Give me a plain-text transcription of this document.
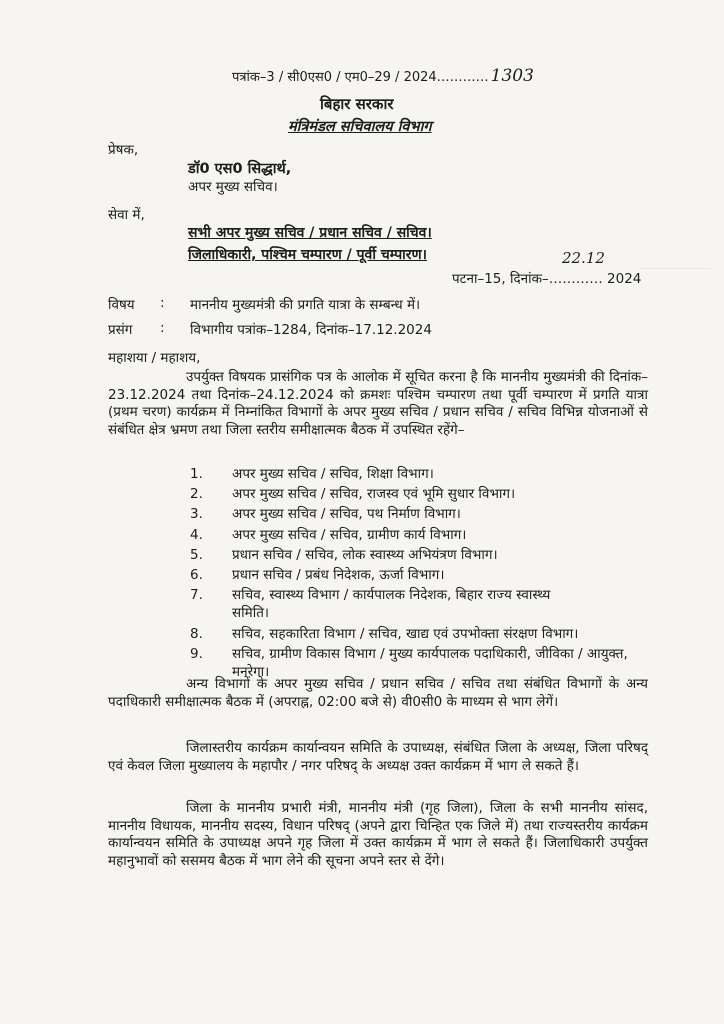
पत्रांक–3 / सी0एस0 / एम0–29 / 2024………… 1303
बिहार सरकार
मंत्रिमंडल सचिवालय विभाग
प्रेषक,
डॉ0 एस0 सिद्धार्थ,
अपर मुख्य सचिव।
सेवा में,
सभी अपर मुख्य सचिव / प्रधान सचिव / सचिव।
जिलाधिकारी, पश्चिम चम्पारण / पूर्वी चम्पारण।	22.12
पटना–15, दिनांक–………… 2024
विषय : माननीय मुख्यमंत्री की प्रगति यात्रा के सम्बन्ध में।
प्रसंग : विभागीय पत्रांक–1284, दिनांक–17.12.2024
महाशया / महाशय,

उपर्युक्त विषयक प्रासंगिक पत्र के आलोक में सूचित करना है कि माननीय मुख्यमंत्री की दिनांक–23.12.2024 तथा दिनांक–24.12.2024 को क्रमशः पश्चिम चम्पारण तथा पूर्वी चम्पारण में प्रगति यात्रा (प्रथम चरण) कार्यक्रम में निम्नांकित विभागों के अपर मुख्य सचिव / प्रधान सचिव / सचिव विभिन्न योजनाओं से संबंधित क्षेत्र भ्रमण तथा जिला स्तरीय समीक्षात्मक बैठक में उपस्थित रहेंगे–

1. अपर मुख्य सचिव / सचिव, शिक्षा विभाग।
2. अपर मुख्य सचिव / सचिव, राजस्व एवं भूमि सुधार विभाग।
3. अपर मुख्य सचिव / सचिव, पथ निर्माण विभाग।
4. अपर मुख्य सचिव / सचिव, ग्रामीण कार्य विभाग।
5. प्रधान सचिव / सचिव, लोक स्वास्थ्य अभियंत्रण विभाग।
6. प्रधान सचिव / प्रबंध निदेशक, ऊर्जा विभाग।
7. सचिव, स्वास्थ्य विभाग / कार्यपालक निदेशक, बिहार राज्य स्वास्थ्य समिति।
8. सचिव, सहकारिता विभाग / सचिव, खाद्य एवं उपभोक्ता संरक्षण विभाग।
9. सचिव, ग्रामीण विकास विभाग / मुख्य कार्यपालक पदाधिकारी, जीविका / आयुक्त, मनरेगा।

अन्य विभागों के अपर मुख्य सचिव / प्रधान सचिव / सचिव तथा संबंधित विभागों के अन्य पदाधिकारी समीक्षात्मक बैठक में (अपराह्न, 02:00 बजे से) वी0सी0 के माध्यम से भाग लेगें।

जिलास्तरीय कार्यक्रम कार्यान्वयन समिति के उपाध्यक्ष, संबंधित जिला के अध्यक्ष, जिला परिषद् एवं केवल जिला मुख्यालय के महापौर / नगर परिषद् के अध्यक्ष उक्त कार्यक्रम में भाग ले सकते हैं।

जिला के माननीय प्रभारी मंत्री, माननीय मंत्री (गृह जिला), जिला के सभी माननीय सांसद, माननीय विधायक, माननीय सदस्य, विधान परिषद् (अपने द्वारा चिन्हित एक जिले में) तथा राज्यस्तरीय कार्यक्रम कार्यान्वयन समिति के उपाध्यक्ष अपने गृह जिला में उक्त कार्यक्रम में भाग ले सकते हैं। जिलाधिकारी उपर्युक्त महानुभावों को ससमय बैठक में भाग लेने की सूचना अपने स्तर से देंगे।
